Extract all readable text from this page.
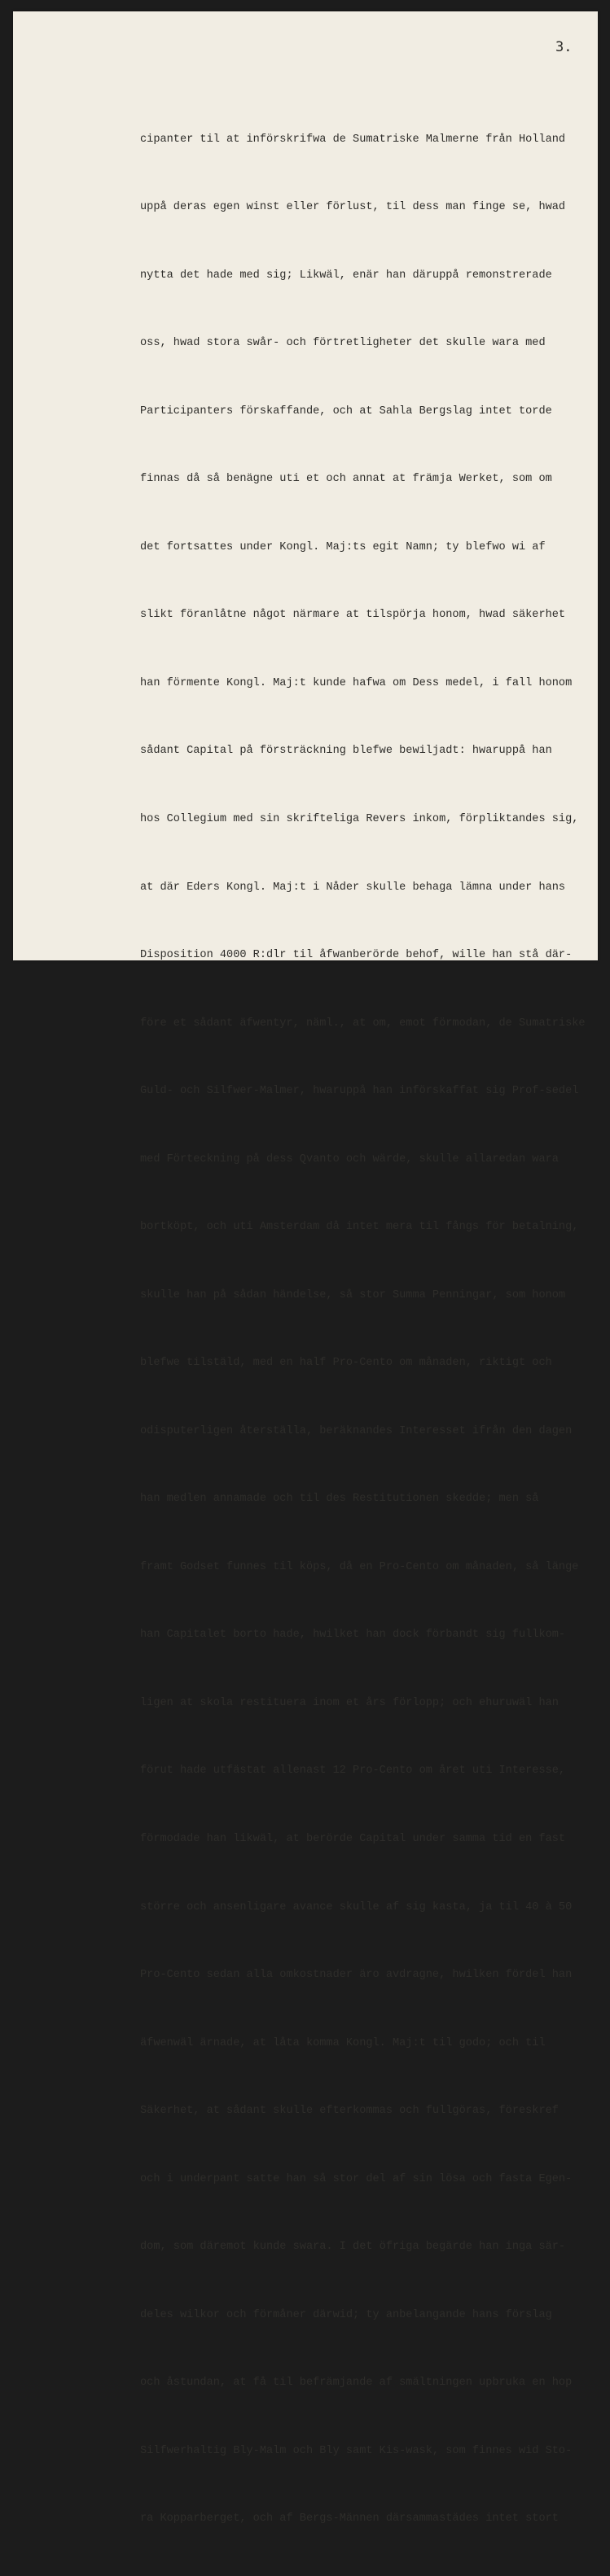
3.

cipanter til at införskrifwa de Sumatriske Malmerne från Holland

uppå deras egen winst eller förlust, til dess man finge se, hwad

nytta det hade med sig; Likwäl, enär han däruppå remonstrerade

oss, hwad stora swår- och förtretligheter det skulle wara med

Participanters förskaffande, och at Sahla Bergslag intet torde

finnas då så benägne uti et och annat at främja Werket, som om

det fortsattes under Kongl. Maj:ts egit Namn; ty blefwo wi af

slikt föranlåtne något närmare at tilspörja honom, hwad säkerhet

han förmente Kongl. Maj:t kunde hafwa om Dess medel, i fall honom

sådant Capital på försträckning blefwe bewiljadt: hwaruppå han

hos Collegium med sin skrifteliga Revers inkom, förpliktandes sig,

at där Eders Kongl. Maj:t i Nåder skulle behaga lämna under hans

Disposition 4000 R:dlr til åfwanberörde behof, wille han stå där-

före et sådant äfwentyr, näml., at om, emot förmodan, de Sumatriske

Guld- och Silfwer-Malmer, hwaruppå han införskaffat sig Prof-sedel

med Förteckning på dess Qvanto och wärde, skulle allaredan wara

bortköpt, och uti Amsterdam då intet mera til fångs för betalning,

skulle han på sådan händelse, så stor Summa Penningar, som honom

blefwe tilstäld, med en half Pro-Cento om månaden, riktigt och

odisputerligen återställa, beräknandes Interesset ifrån den dagen

han medlen annamade och til des Restitutionen skedde; men så

framt Godset funnes til köps, då en Pro-Cento om månaden, så länge

han Capitalet borto hade, hwilket han dock förbandt sig fullkom-

ligen at skola restituera inom et års förlopp; och ehuruwäl han

förut hade utfästat allenast 12 Pro-Cento om året uti Interesse,

förmodade han likwäl, at berörde Capital under samma tid en fast

större och ansenligare avance skulle af sig kasta, ja til 40 à 50

Pro-Cento sedan alla omkostnader äro avdragne, hwilken fördel han

äfwenwäl ärnade, at låta komma Kongl. Maj:t til godo; och til

Säkerhet, at sådant skulle efterkommas och fullgöras, föreskref

och i underpant satte han så stor del af sin lösa och fasta Egen-

dom, som däremot kunde swara. I det öfriga begärde han inga sär-

deles wilkor och förmåner därwid; ty anbelangande hans förslag

och åstundan, at få til befrämjande af smältningen upbruka en hop

Silfwerhaltig Bly-Malm och Bly samt Kis-wask, som finnes wid Sto-

ra Kopparberget, och af Bergs-Männen därsammastädes intet stort
